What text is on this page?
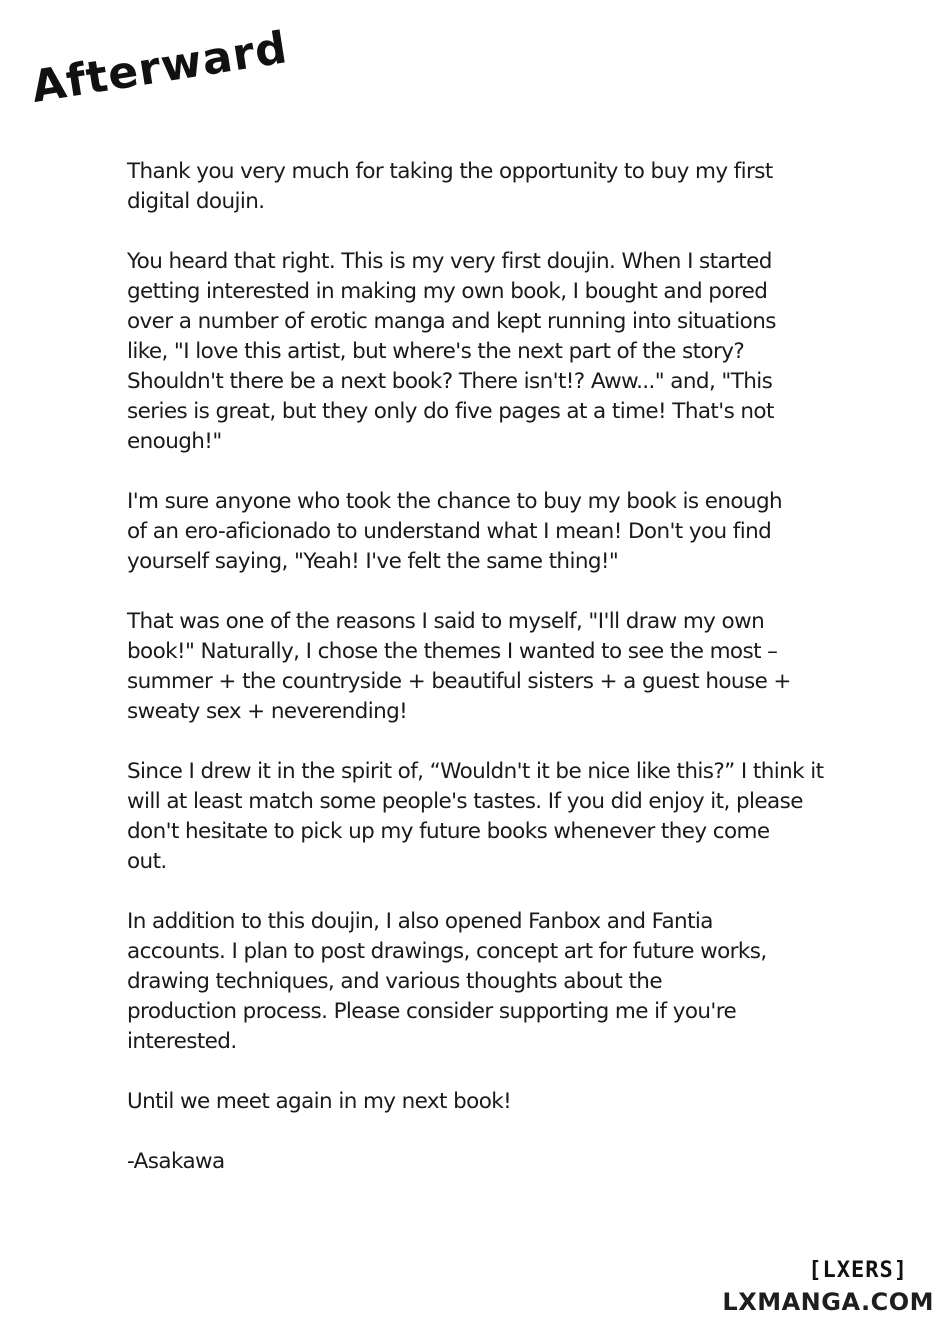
Afterward

Thank you very much for taking the opportunity to buy my first
digital doujin.

You heard that right. This is my very first doujin. When I started
getting interested in making my own book, I bought and pored
over a number of erotic manga and kept running into situations
like, "I love this artist, but where's the next part of the story?
Shouldn't there be a next book? There isn't!? Aww..." and, "This
series is great, but they only do five pages at a time! That's not
enough!"

I'm sure anyone who took the chance to buy my book is enough
of an ero-aficionado to understand what I mean! Don't you find
yourself saying, "Yeah! I've felt the same thing!"

That was one of the reasons I said to myself, "I'll draw my own
book!" Naturally, I chose the themes I wanted to see the most –
summer + the countryside + beautiful sisters + a guest house +
sweaty sex + neverending!

Since I drew it in the spirit of, “Wouldn't it be nice like this?” I think it
will at least match some people's tastes. If you did enjoy it, please
don't hesitate to pick up my future books whenever they come
out.

In addition to this doujin, I also opened Fanbox and Fantia
accounts. I plan to post drawings, concept art for future works,
drawing techniques, and various thoughts about the
production process. Please consider supporting me if you're
interested.

Until we meet again in my next book!

-Asakawa

[LXERS]
LXMANGA.COM
